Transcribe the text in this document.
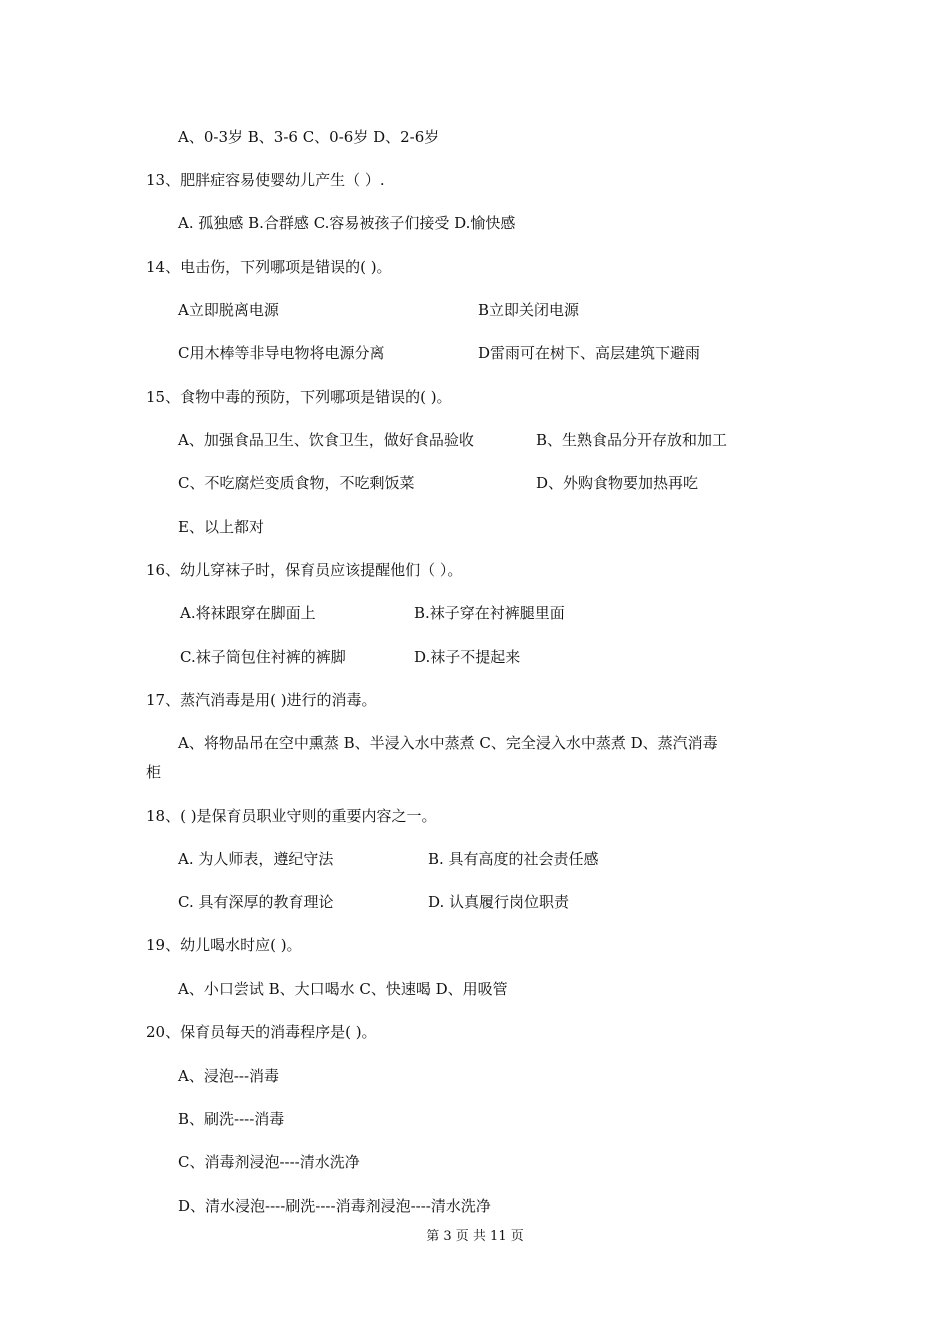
A、0-3岁 B、3-6 C、0-6岁 D、2-6岁
13、肥胖症容易使婴幼儿产生（ ）.
A. 孤独感 B.合群感 C.容易被孩子们接受 D.愉快感
14、电击伤，下列哪项是错误的( )。
A立即脱离电源	B立即关闭电源
C用木棒等非导电物将电源分离	D雷雨可在树下、高层建筑下避雨
15、食物中毒的预防，下列哪项是错误的( )。
A、加强食品卫生、饮食卫生，做好食品验收	B、生熟食品分开存放和加工
C、不吃腐烂变质食物，不吃剩饭菜	D、外购食物要加热再吃
E、以上都对
16、幼儿穿袜子时，保育员应该提醒他们（ ）。
A.将袜跟穿在脚面上	B.袜子穿在衬裤腿里面
C.袜子筒包住衬裤的裤脚	D.袜子不提起来
17、蒸汽消毒是用( )进行的消毒。
A、将物品吊在空中熏蒸 B、半浸入水中蒸煮 C、完全浸入水中蒸煮 D、蒸汽消毒
柜
18、( )是保育员职业守则的重要内容之一。
A. 为人师表，遵纪守法	B. 具有高度的社会责任感
C. 具有深厚的教育理论	D. 认真履行岗位职责
19、幼儿喝水时应( )。
A、小口尝试 B、大口喝水 C、快速喝 D、用吸管
20、保育员每天的消毒程序是( )。
A、浸泡---消毒
B、刷洗----消毒
C、消毒剂浸泡----清水洗净
D、清水浸泡----刷洗----消毒剂浸泡----清水洗净
第 3 页 共 11 页
